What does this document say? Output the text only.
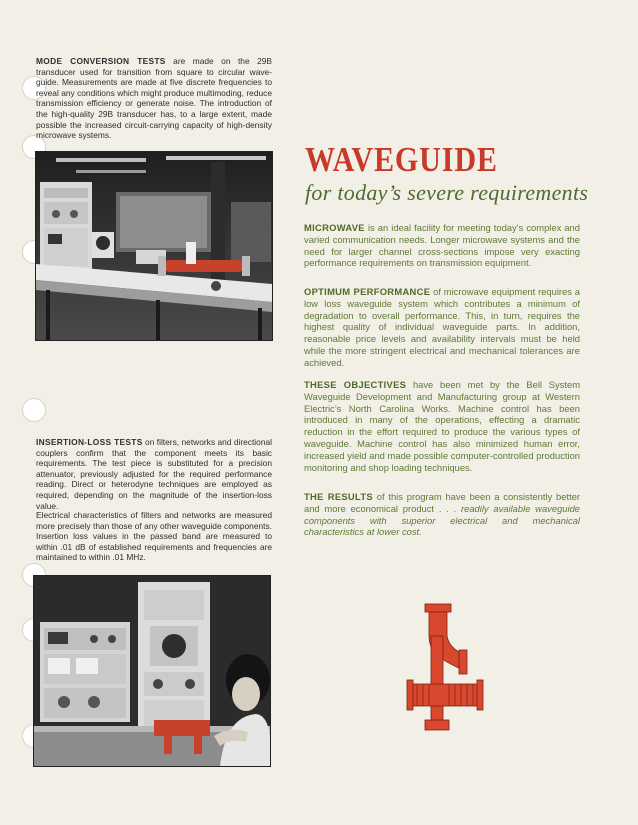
MODE CONVERSION TESTS are made on the 29B transducer used for transition from square to circular wave-guide. Measurements are made at five discrete frequencies to reveal any conditions which might produce multimoding, reduce transmission efficiency or generate noise. The introduction of the high-quality 29B transducer has, to a large extent, made possible the increased circuit-carrying capacity of high-density microwave systems.
INSERTION-LOSS TESTS on filters, networks and directional couplers confirm that the component meets its basic requirements. The test piece is substituted for a precision attenuator, previously adjusted for the required performance reading. Direct or heterodyne techniques are employed as required, depending on the magnitude of the insertion-loss value.
Electrical characteristics of filters and networks are measured more precisely than those of any other waveguide components. Insertion loss values in the passed band are measured to within .01 dB of established requirements and frequencies are maintained to within .01 MHz.
WAVEGUIDE
for today’s severe requirements
MICROWAVE is an ideal facility for meeting today’s complex and varied communication needs. Longer microwave systems and the need for larger channel cross-sections impose very exacting performance requirements on transmission equipment.
OPTIMUM PERFORMANCE of microwave equipment requires a low loss waveguide system which contributes a minimum of degradation to overall performance. This, in turn, requires the highest quality of individual waveguide parts. In addition, reasonable price levels and availability intervals must be held while the more stringent electrical and mechanical tolerances are achieved.
THESE OBJECTIVES have been met by the Bell System Waveguide Development and Manufacturing group at Western Electric’s North Carolina Works. Machine control has been introduced in many of the operations, effecting a dramatic reduction in the effort required to produce the various types of waveguide. Machine control has also minimized human error, increased yield and made possible computer-controlled production monitoring and shop loading techniques.
THE RESULTS of this program have been a consistently better and more economical product . . . readily available waveguide components with superior electrical and mechanical characteristics at lower cost.
